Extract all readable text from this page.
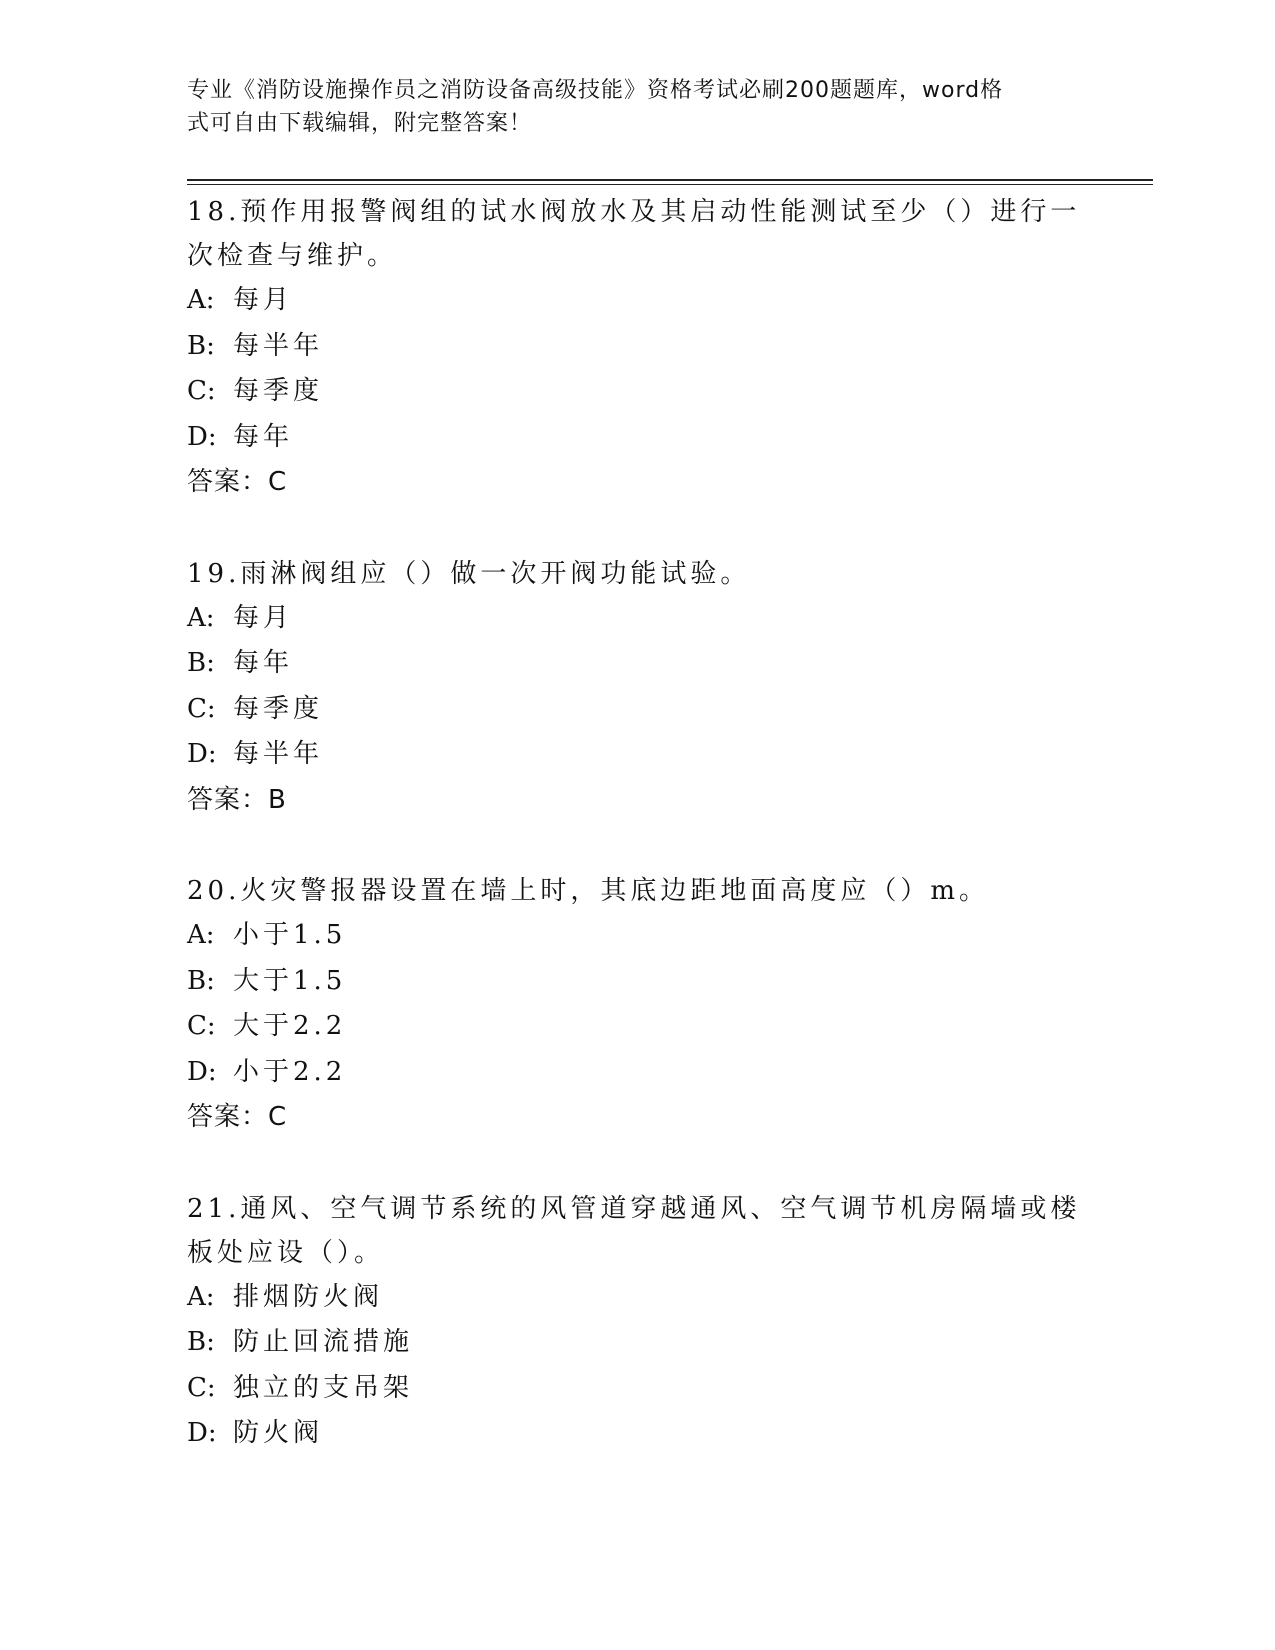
专业《消防设施操作员之消防设备高级技能》资格考试必刷200题题库，word格
式可自由下载编辑，附完整答案！
18.预作用报警阀组的试水阀放水及其启动性能测试至少（）进行一次检查与维护。
A: 每月
B: 每半年
C: 每季度
D: 每年
答案：C
19.雨淋阀组应（）做一次开阀功能试验。
A: 每月
B: 每年
C: 每季度
D: 每半年
答案：B
20.火灾警报器设置在墙上时，其底边距地面高度应（）m。
A: 小于1.5
B: 大于1.5
C: 大于2.2
D: 小于2.2
答案：C
21.通风、空气调节系统的风管道穿越通风、空气调节机房隔墙或楼板处应设（）。
A: 排烟防火阀
B: 防止回流措施
C: 独立的支吊架
D: 防火阀
